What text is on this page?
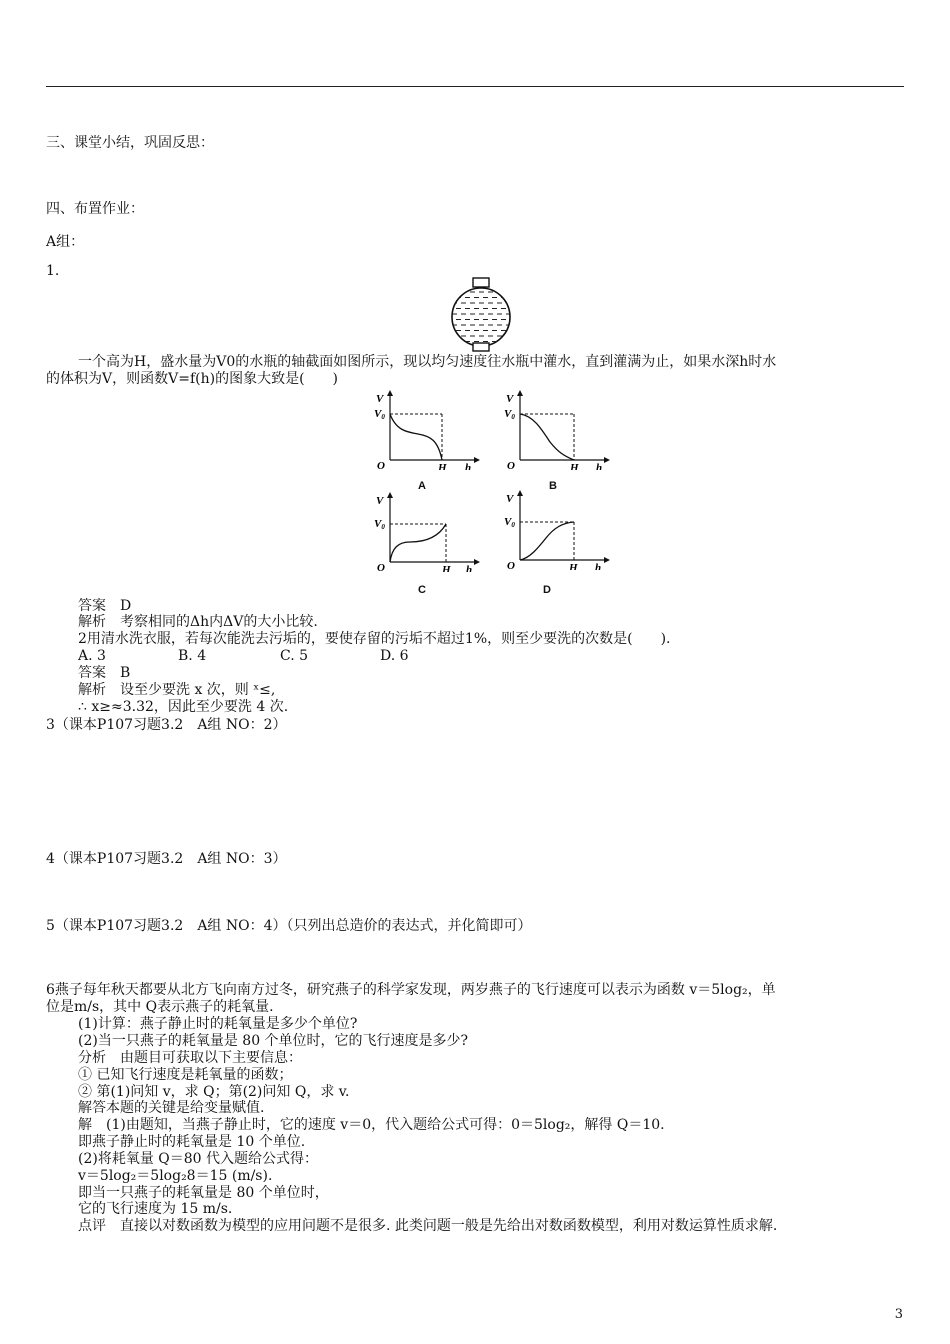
三、课堂小结，巩固反思：
四、布置作业：
A组：
1.
一个高为H，盛水量为V0的水瓶的轴截面如图所示，现以均匀速度往水瓶中灌水，直到灌满为止，如果水深h时水
的体积为V，则函数V=f(h)的图象大致是(　　)
V
V0
O	H h
A
V
V0
O	H h
B
V
V0
O	H h
C
V
V0
O	H h
D
答案　D
解析　考察相同的Δh内ΔV的大小比较.
2用清水洗衣服，若每次能洗去污垢的，要使存留的污垢不超过1%，则至少要洗的次数是(　　).
A. 3	B. 4	C. 5	D. 6
答案　B
解析　设至少要洗 x 次，则 ˣ≤,
∴ x≥≈3.32，因此至少要洗 4 次.
3（课本P107习题3.2　A组 NO：2）
4（课本P107习题3.2　A组 NO：3）
5（课本P107习题3.2　A组 NO：4）（只列出总造价的表达式，并化简即可）
6燕子每年秋天都要从北方飞向南方过冬，研究燕子的科学家发现，两岁燕子的飞行速度可以表示为函数 v＝5log₂，单
位是m/s，其中 Q表示燕子的耗氧量.
(1)计算：燕子静止时的耗氧量是多少个单位?
(2)当一只燕子的耗氧量是 80 个单位时，它的飞行速度是多少?
分析　由题目可获取以下主要信息：
① 已知飞行速度是耗氧量的函数；
② 第(1)问知 v，求 Q；第(2)问知 Q，求 v.
解答本题的关键是给变量赋值.
解　(1)由题知，当燕子静止时，它的速度 v＝0，代入题给公式可得：0＝5log₂，解得 Q＝10.
即燕子静止时的耗氧量是 10 个单位.
(2)将耗氧量 Q＝80 代入题给公式得：
v＝5log₂＝5log₂8＝15 (m/s).
即当一只燕子的耗氧量是 80 个单位时，
它的飞行速度为 15 m/s.
点评　直接以对数函数为模型的应用问题不是很多. 此类问题一般是先给出对数函数模型，利用对数运算性质求解.
3
